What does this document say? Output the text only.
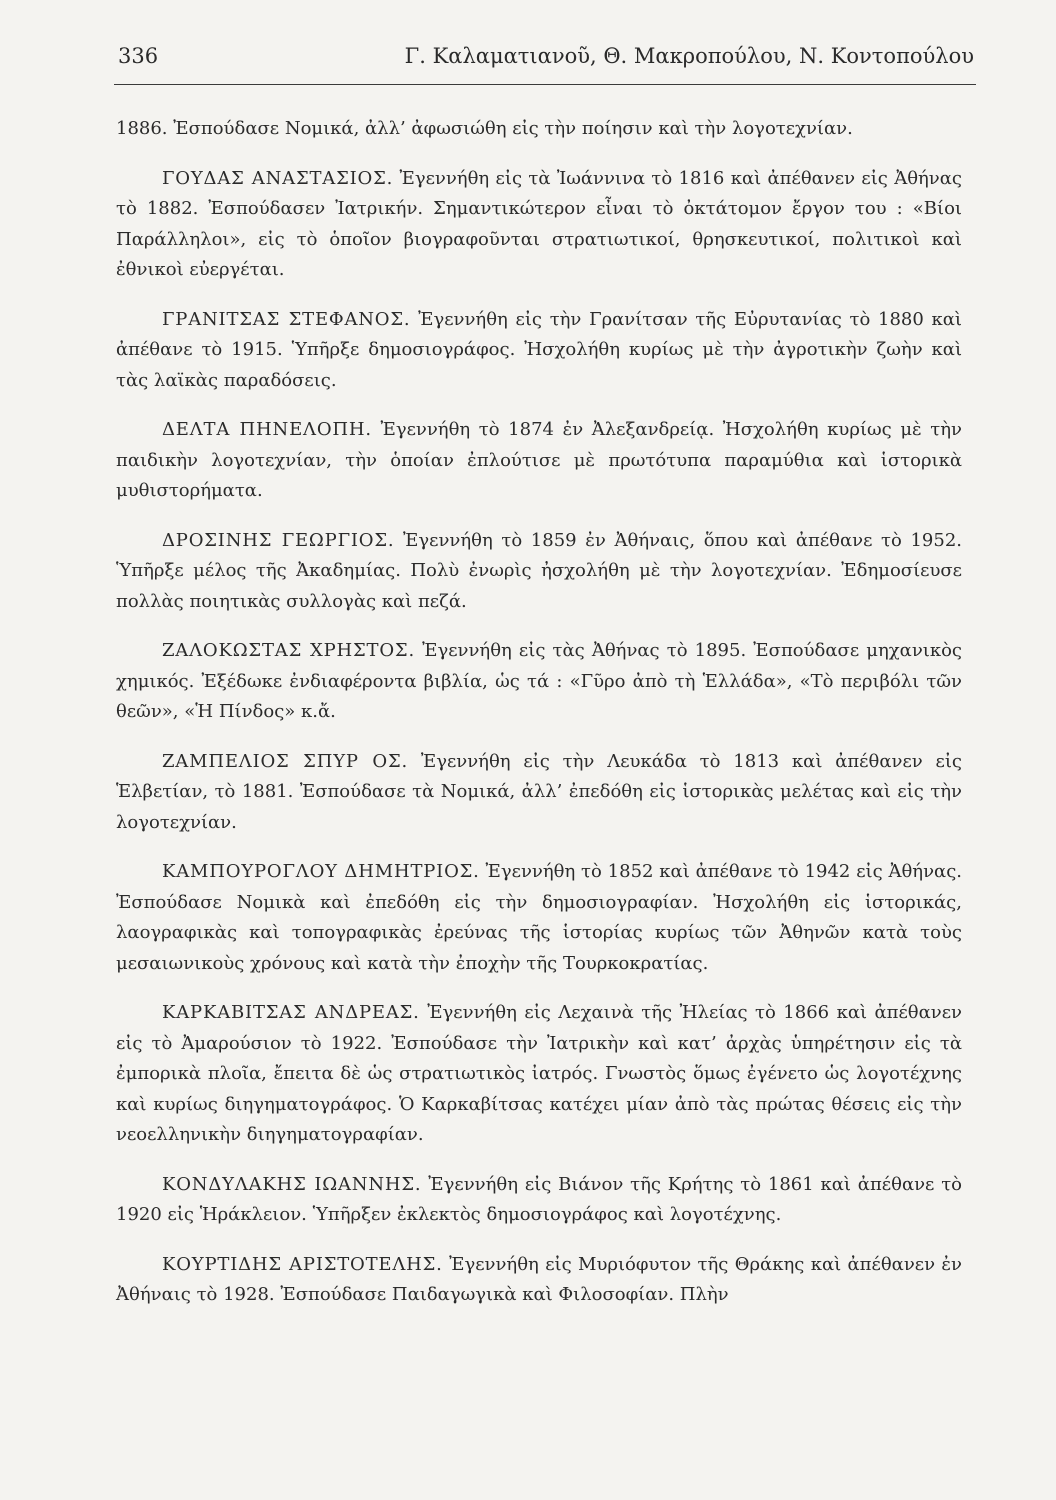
336	Γ. Καλαματιανοῦ, Θ. Μακροπούλου, Ν. Κοντοπούλου

1886. Ἐσπούδασε Νομικά, ἀλλ’ ἀφωσιώθη εἰς τὴν ποίησιν καὶ τὴν λογοτεχνίαν.

ΓΟΥΔΑΣ ΑΝΑΣΤΑΣΙΟΣ. Ἐγεννήθη εἰς τὰ Ἰωάννινα τὸ 1816 καὶ ἀπέθανεν εἰς Ἀθήνας τὸ 1882. Ἐσπούδασεν Ἰατρικήν. Σημαντικώτερον εἶναι τὸ ὀκτάτομον ἔργον του : «Βίοι Παράλληλοι», εἰς τὸ ὁποῖον βιογραφοῦνται στρατιωτικοί, θρησκευτικοί, πολιτικοὶ καὶ ἐθνικοὶ εὐεργέται.

ΓΡΑΝΙΤΣΑΣ ΣΤΕΦΑΝΟΣ. Ἐγεννήθη εἰς τὴν Γρανίτσαν τῆς Εὐρυτανίας τὸ 1880 καὶ ἀπέθανε τὸ 1915. Ὑπῆρξε δημοσιογράφος. Ἠσχολήθη κυρίως μὲ τὴν ἀγροτικὴν ζωὴν καὶ τὰς λαϊκὰς παραδόσεις.

ΔΕΛΤΑ ΠΗΝΕΛΟΠΗ. Ἐγεννήθη τὸ 1874 ἐν Ἀλεξανδρείᾳ. Ἠσχολήθη κυρίως μὲ τὴν παιδικὴν λογοτεχνίαν, τὴν ὁποίαν ἐπλούτισε μὲ πρωτότυπα παραμύθια καὶ ἱστορικὰ μυθιστορήματα.

ΔΡΟΣΙΝΗΣ ΓΕΩΡΓΙΟΣ. Ἐγεννήθη τὸ 1859 ἐν Ἀθήναις, ὅπου καὶ ἀπέθανε τὸ 1952. Ὑπῆρξε μέλος τῆς Ἀκαδημίας. Πολὺ ἐνωρὶς ἠσχολήθη μὲ τὴν λογοτεχνίαν. Ἐδημοσίευσε πολλὰς ποιητικὰς συλλογὰς καὶ πεζά.

ΖΑΛΟΚΩΣΤΑΣ ΧΡΗΣΤΟΣ. Ἐγεννήθη εἰς τὰς Ἀθήνας τὸ 1895. Ἐσπούδασε μηχανικὸς χημικός. Ἐξέδωκε ἐνδιαφέροντα βιβλία, ὡς τά : «Γῦρο ἀπὸ τὴ Ἑλλάδα», «Τὸ περιβόλι τῶν θεῶν», «Ἡ Πίνδος» κ.ἄ.

ΖΑΜΠΕΛΙΟΣ ΣΠΥΡ ΟΣ. Ἐγεννήθη εἰς τὴν Λευκάδα τὸ 1813 καὶ ἀπέθανεν εἰς Ἑλβετίαν, τὸ 1881. Ἐσπούδασε τὰ Νομικά, ἀλλ’ ἐπεδόθη εἰς ἱστορικὰς μελέτας καὶ εἰς τὴν λογοτεχνίαν.

ΚΑΜΠΟΥΡΟΓΛΟΥ ΔΗΜΗΤΡΙΟΣ. Ἐγεννήθη τὸ 1852 καὶ ἀπέθανε τὸ 1942 εἰς Ἀθήνας. Ἐσπούδασε Νομικὰ καὶ ἐπεδόθη εἰς τὴν δημοσιογραφίαν. Ἠσχολήθη εἰς ἱστορικάς, λαογραφικὰς καὶ τοπογραφικὰς ἐρεύνας τῆς ἱστορίας κυρίως τῶν Ἀθηνῶν κατὰ τοὺς μεσαιωνικοὺς χρόνους καὶ κατὰ τὴν ἐποχὴν τῆς Τουρκοκρατίας.

ΚΑΡΚΑΒΙΤΣΑΣ ΑΝΔΡΕΑΣ. Ἐγεννήθη εἰς Λεχαινὰ τῆς Ἠλείας τὸ 1866 καὶ ἀπέθανεν εἰς τὸ Ἀμαρούσιον τὸ 1922. Ἐσπούδασε τὴν Ἰατρικὴν καὶ κατ’ ἀρχὰς ὑπηρέτησιν εἰς τὰ ἐμπορικὰ πλοῖα, ἔπειτα δὲ ὡς στρατιωτικὸς ἰατρός. Γνωστὸς ὅμως ἐγένετο ὡς λογοτέχνης καὶ κυρίως διηγηματογράφος. Ὁ Καρκαβίτσας κατέχει μίαν ἀπὸ τὰς πρώτας θέσεις εἰς τὴν νεοελληνικὴν διηγηματογραφίαν.

ΚΟΝΔΥΛΑΚΗΣ ΙΩΑΝΝΗΣ. Ἐγεννήθη εἰς Βιάνον τῆς Κρήτης τὸ 1861 καὶ ἀπέθανε τὸ 1920 εἰς Ἡράκλειον. Ὑπῆρξεν ἐκλεκτὸς δημοσιογράφος καὶ λογοτέχνης.

ΚΟΥΡΤΙΔΗΣ ΑΡΙΣΤΟΤΕΛΗΣ. Ἐγεννήθη εἰς Μυριόφυτον τῆς Θράκης καὶ ἀπέθανεν ἐν Ἀθήναις τὸ 1928. Ἐσπούδασε Παιδαγωγικὰ καὶ Φιλοσοφίαν. Πλὴν
